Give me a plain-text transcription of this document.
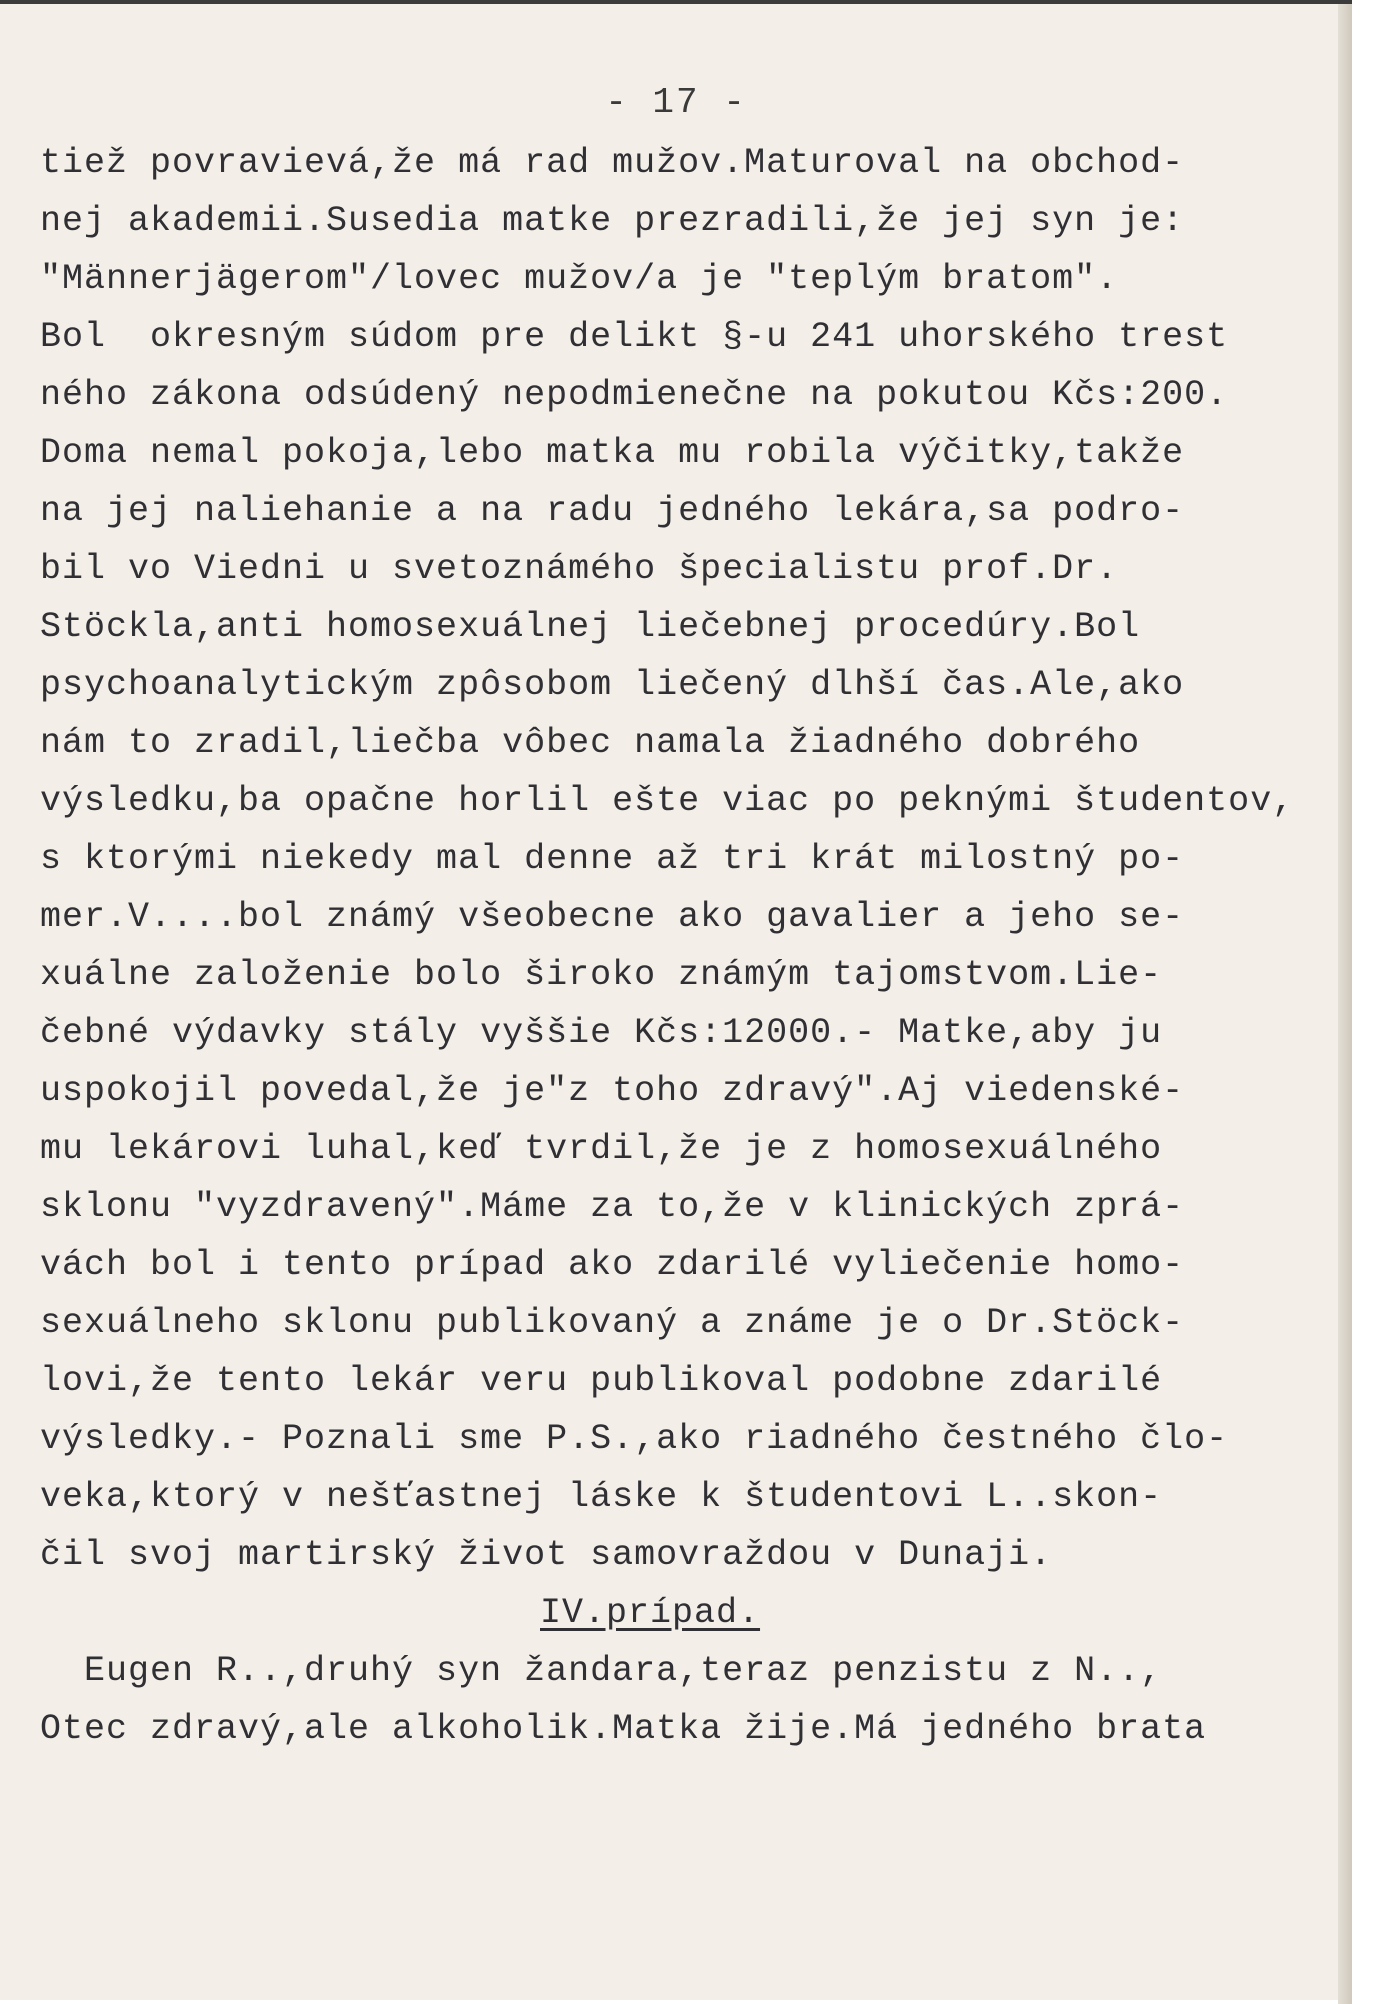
- 17 -
tiež povravievá,že má rad mužov.Maturoval na obchod-
nej akademii.Susedia matke prezradili,že jej syn je:
"Männerjägerom"/lovec mužov/a je "teplým bratom".
Bol  okresným súdom pre delikt §-u 241 uhorského trest
ného zákona odsúdený nepodmienečne na pokutou Kčs:200.
Doma nemal pokoja,lebo matka mu robila výčitky,takže
na jej naliehanie a na radu jedného lekára,sa podro-
bil vo Viedni u svetoznámého špecialistu prof.Dr.
Stöckla,anti homosexuálnej liečebnej procedúry.Bol
psychoanalytickým zpôsobom liečený dlhší čas.Ale,ako
nám to zradil,liečba vôbec namala žiadného dobrého
výsledku,ba opačne horlil ešte viac po peknými študentov,
s ktorými niekedy mal denne až tri krát milostný po-
mer.V....bol známý všeobecne ako gavalier a jeho se-
xuálne založenie bolo široko známým tajomstvom.Lie-
čebné výdavky stály vyššie Kčs:12000.- Matke,aby ju
uspokojil povedal,že je"z toho zdravý".Aj viedenské-
mu lekárovi luhal,keď tvrdil,že je z homosexuálného
sklonu "vyzdravený".Máme za to,že v klinických zprá-
vách bol i tento prípad ako zdarilé vyliečenie homo-
sexuálneho sklonu publikovaný a známe je o Dr.Stöck-
lovi,že tento lekár veru publikoval podobne zdarilé
výsledky.- Poznali sme P.S.,ako riadného čestného člo-
veka,ktorý v nešťastnej láske k študentovi L..skon-
čil svoj martirský život samovraždou v Dunaji.
IV.prípad.
Eugen R..,druhý syn žandara,teraz penzistu z N..,
Otec zdravý,ale alkoholik.Matka žije.Má jedného brata
